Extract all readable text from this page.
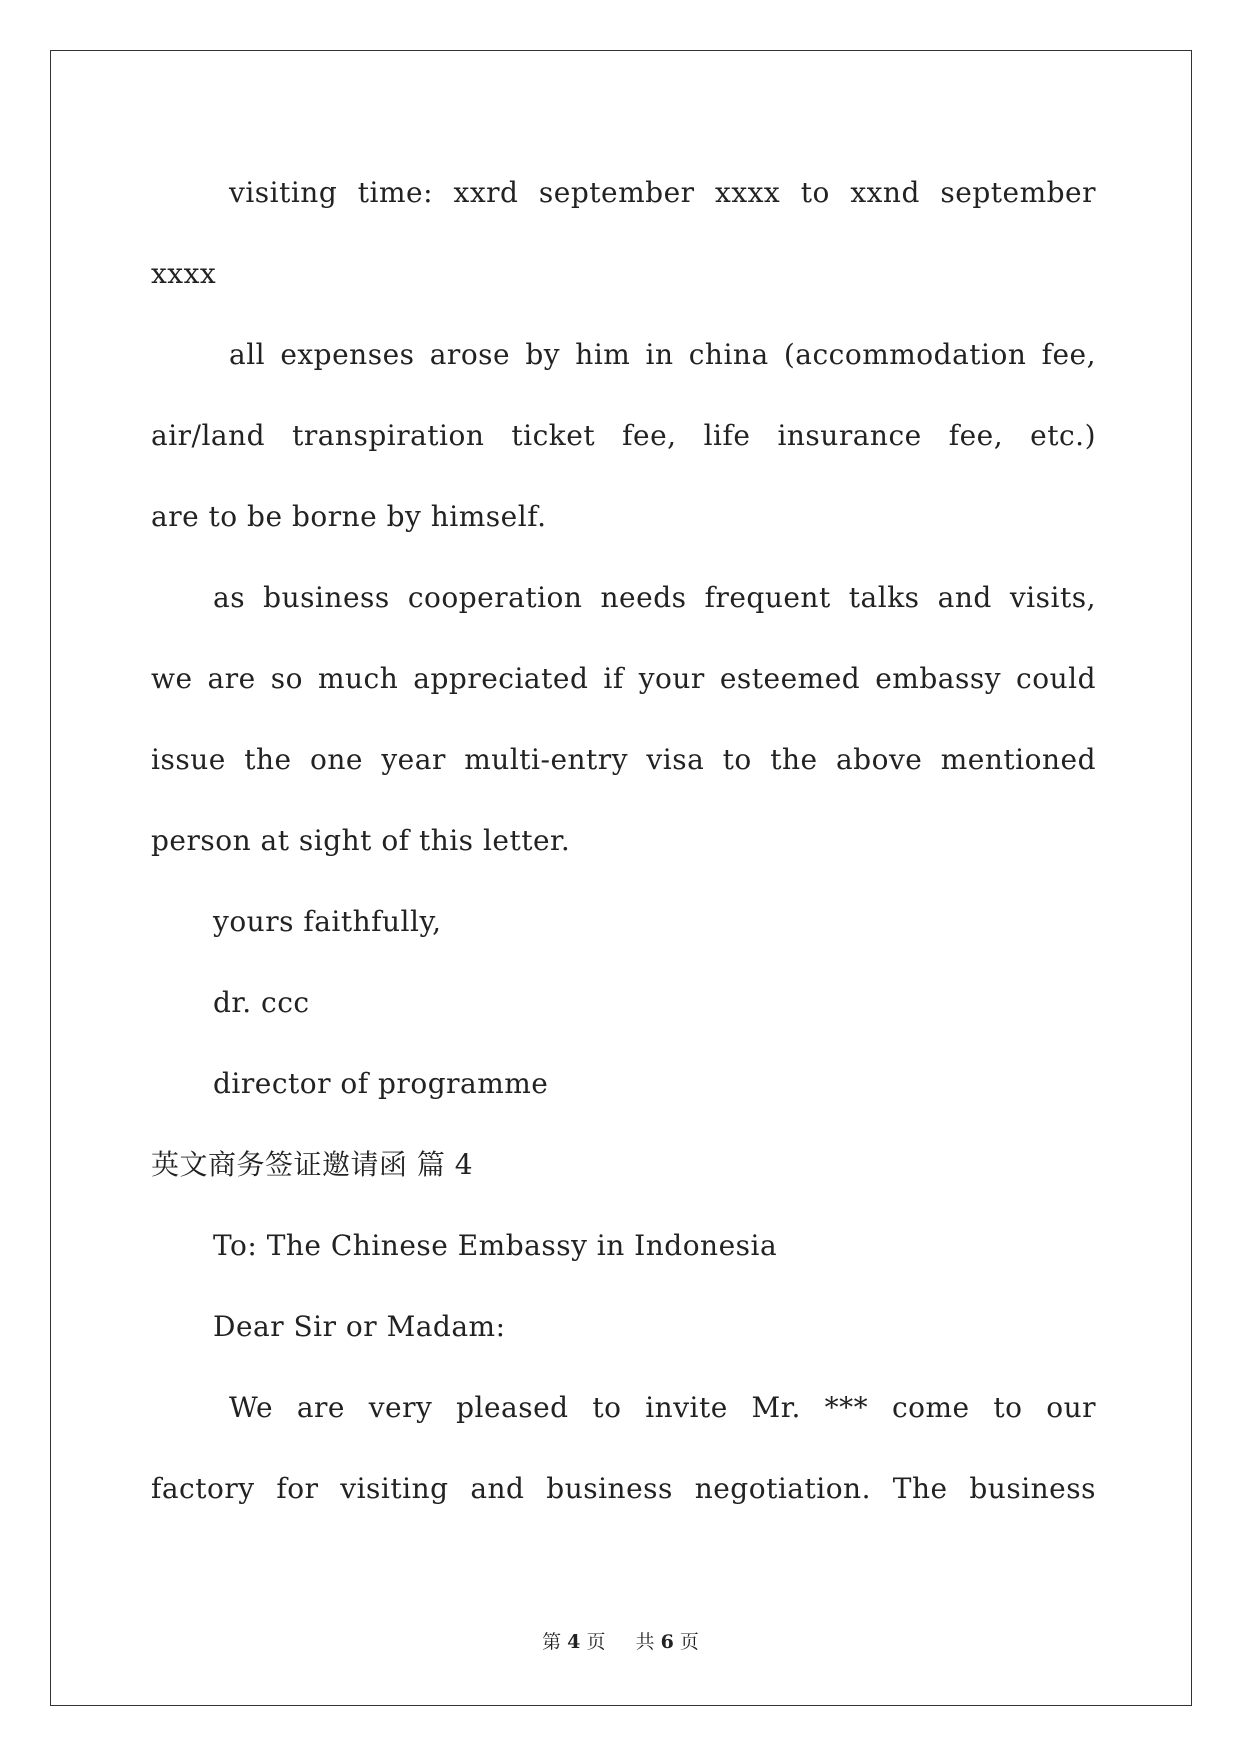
visiting time: xxrd september xxxx to xxnd september
xxxx
all expenses arose by him in china (accommodation fee,
air/land transpiration ticket fee, life insurance fee, etc.)
are to be borne by himself.
as business cooperation needs frequent talks and visits,
we are so much appreciated if your esteemed embassy could
issue the one year multi-entry visa to the above mentioned
person at sight of this letter.
yours faithfully,
dr. ccc
director of programme
英文商务签证邀请函 篇 4
To: The Chinese Embassy in Indonesia
Dear Sir or Madam:
We are very pleased to invite Mr. *** come to our
factory for visiting and business negotiation. The business
第 4 页 共 6 页
